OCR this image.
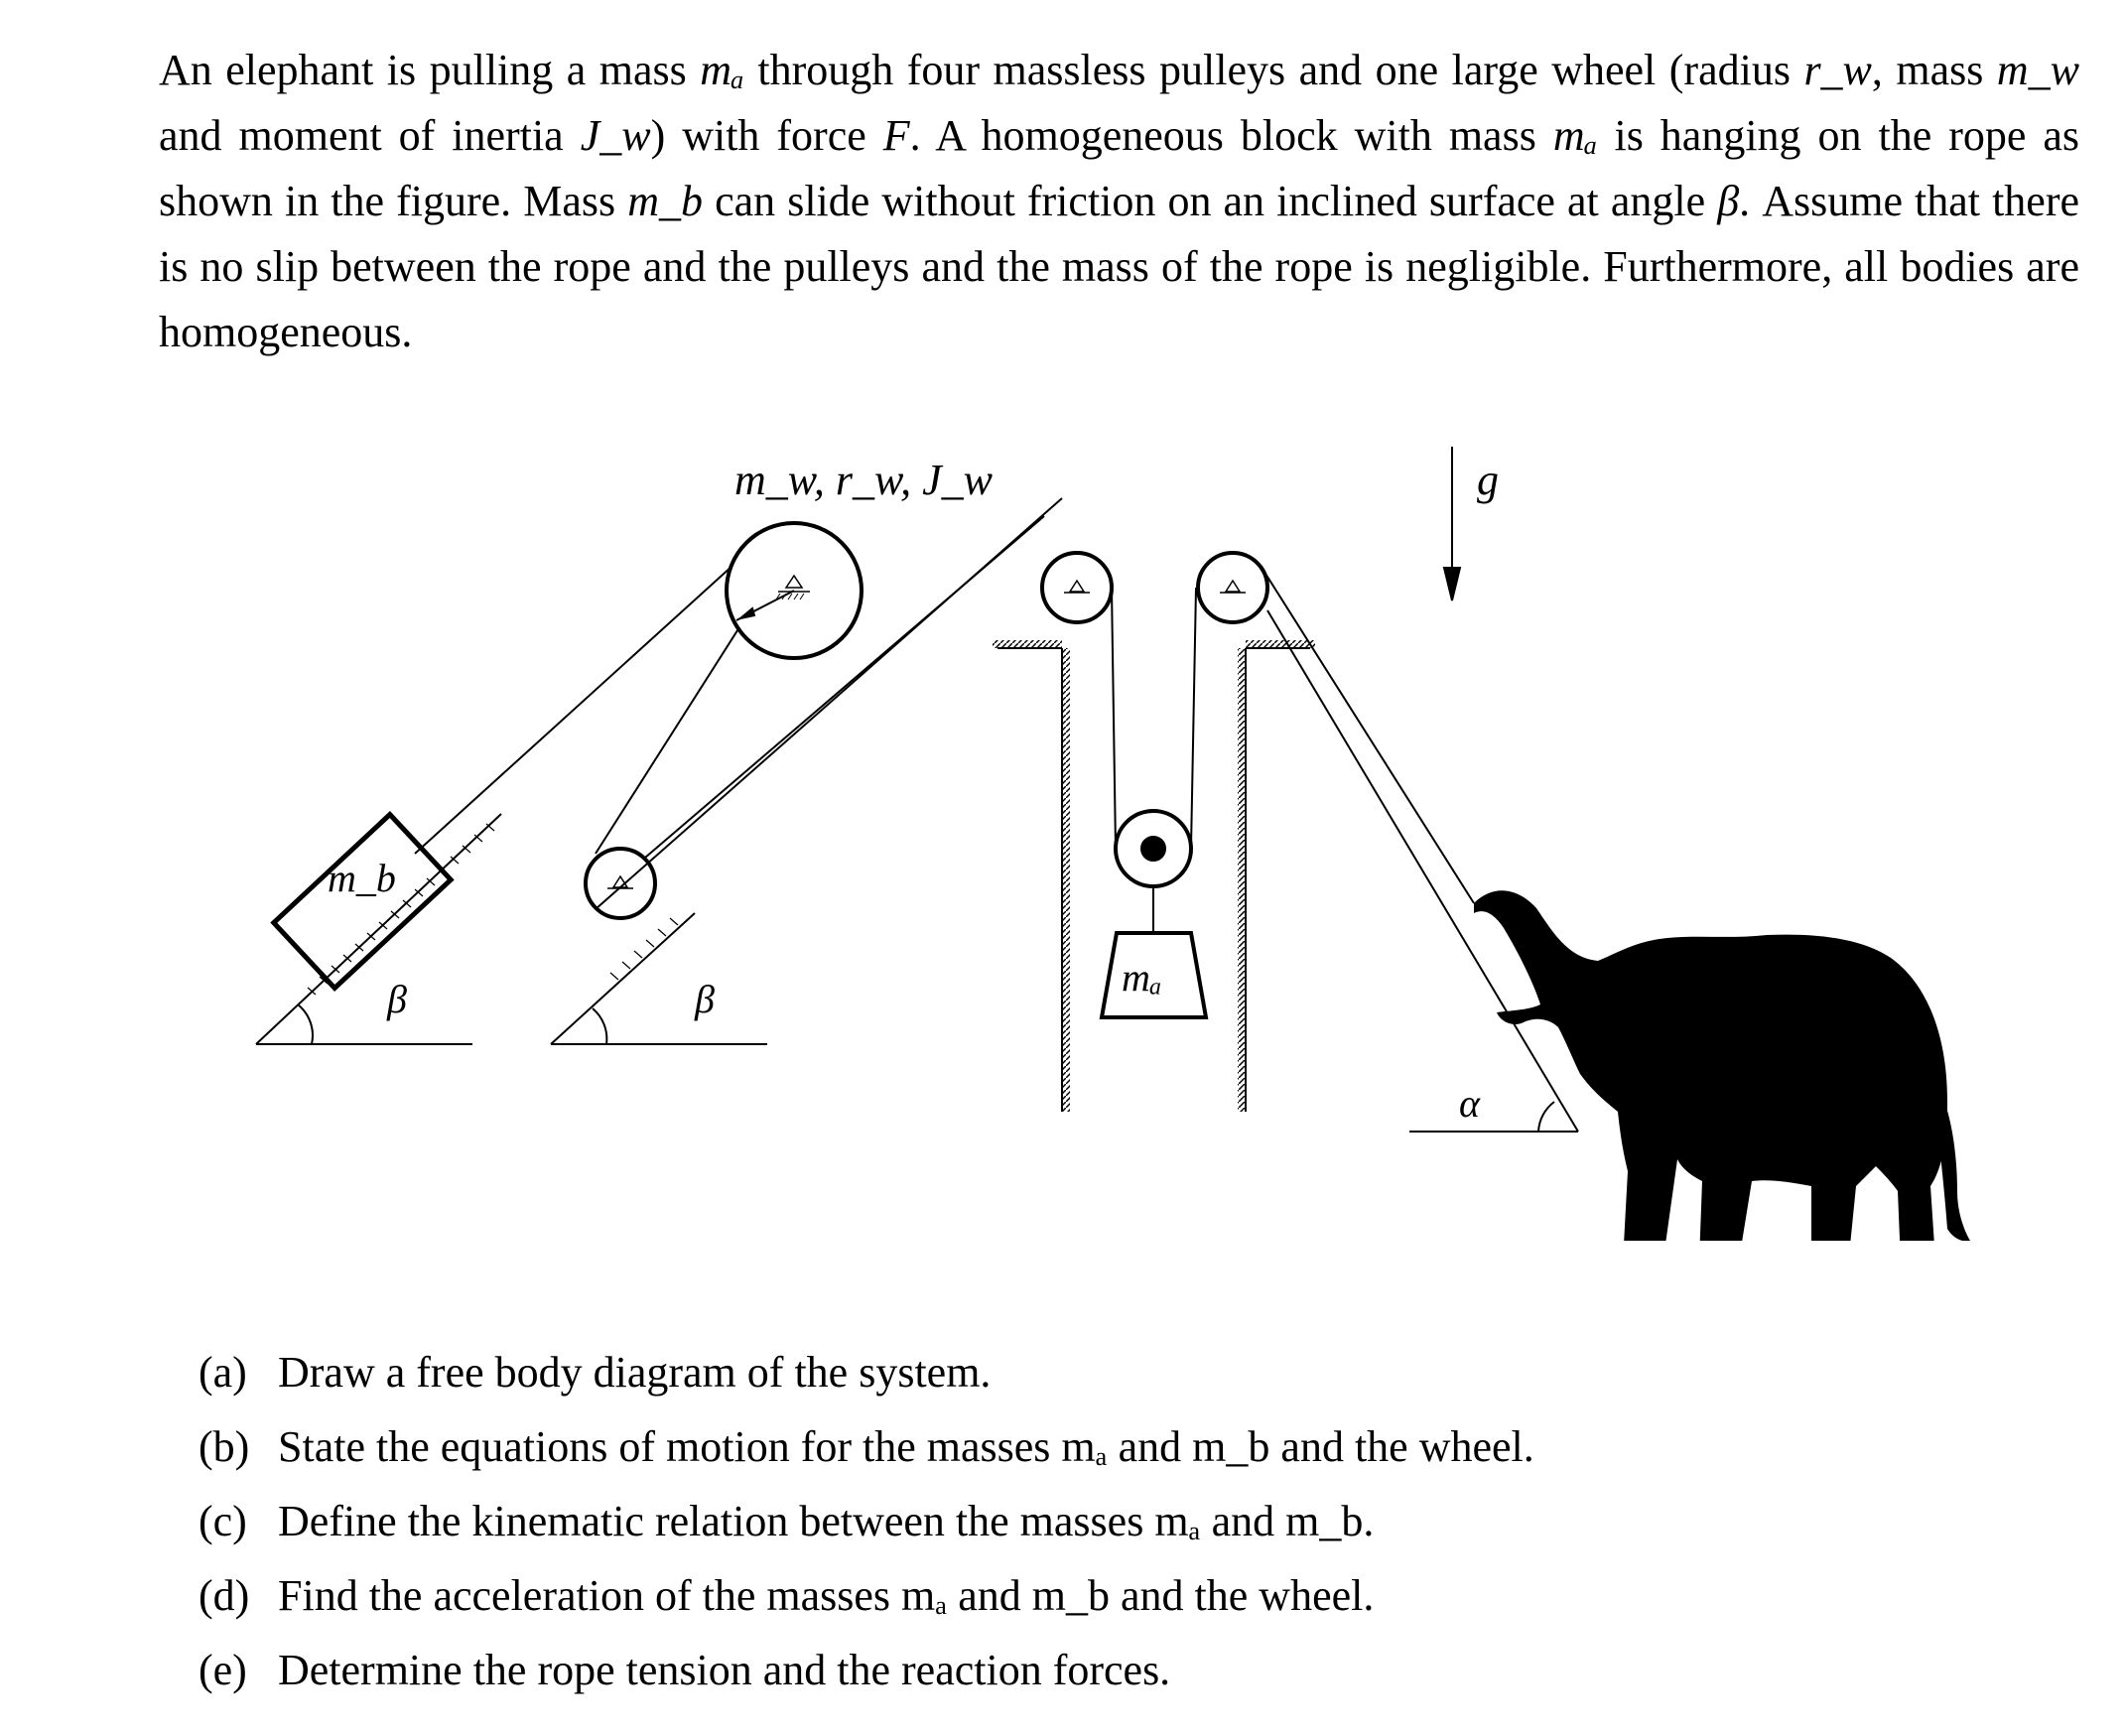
An elephant is pulling a mass mₐ through four massless pulleys and one large wheel (radius r_w, mass m_w and moment of inertia J_w) with force F. A homogeneous block with mass mₐ is hanging on the rope as shown in the figure. Mass m_b can slide without friction on an inclined surface at angle β. Assume that there is no slip between the rope and the pulleys and the mass of the rope is negligible. Furthermore, all bodies are homogeneous.

m_w, r_w, J_w	g
m_b
mₐ
β	β
α
(a) Draw a free body diagram of the system.
(b) State the equations of motion for the masses mₐ and m_b and the wheel.
(c) Define the kinematic relation between the masses mₐ and m_b.
(d) Find the acceleration of the masses mₐ and m_b and the wheel.
(e) Determine the rope tension and the reaction forces.
